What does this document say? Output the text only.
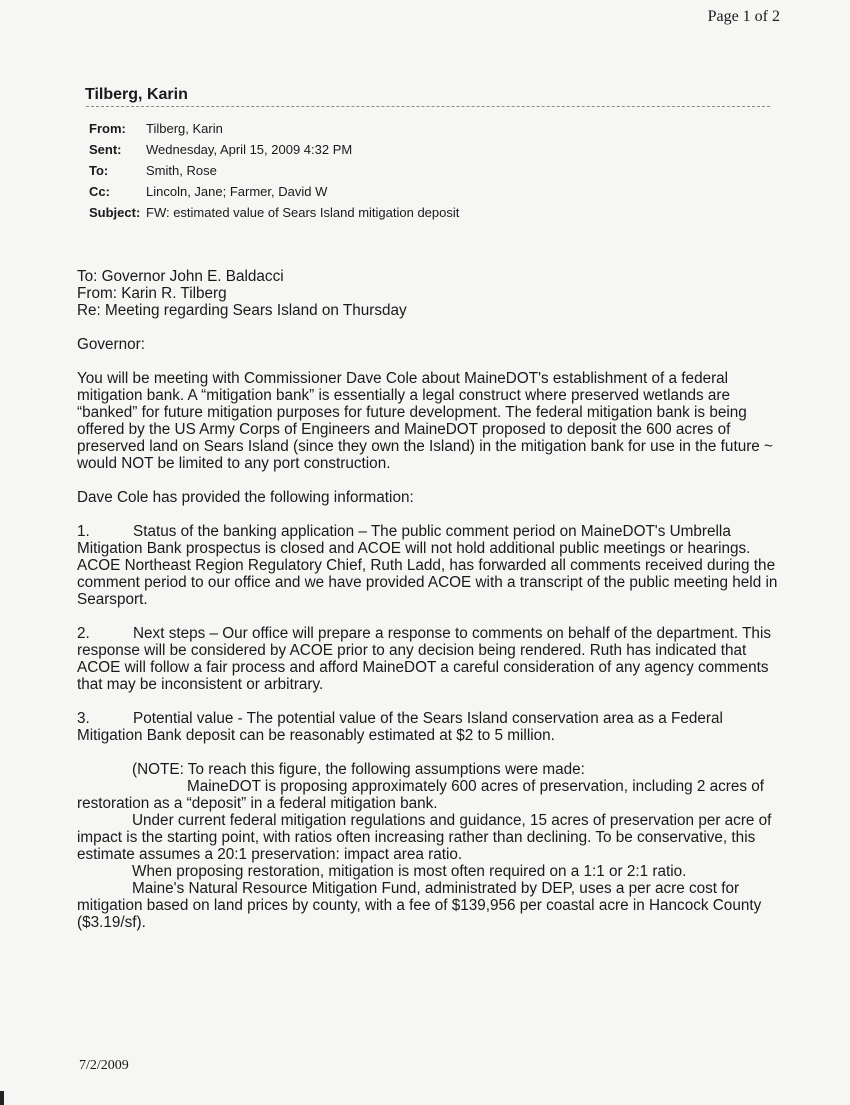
Page 1 of 2
Tilberg, Karin
From:	Tilberg, Karin
Sent:	Wednesday, April 15, 2009 4:32 PM
To:	Smith, Rose
Cc:	Lincoln, Jane; Farmer, David W
Subject:	FW: estimated value of Sears Island mitigation deposit

To: Governor John E. Baldacci

From: Karin R. Tilberg

Re: Meeting regarding Sears Island on Thursday

Governor:

You will be meeting with Commissioner Dave Cole about MaineDOT's establishment of a federal mitigation bank. A “mitigation bank” is essentially a legal construct where preserved wetlands are “banked” for future mitigation purposes for future development. The federal mitigation bank is being offered by the US Army Corps of Engineers and MaineDOT proposed to deposit the 600 acres of preserved land on Sears Island (since they own the Island) in the mitigation bank for use in the future ~ would NOT be limited to any port construction.

Dave Cole has provided the following information:

1.	Status of the banking application – The public comment period on MaineDOT's Umbrella Mitigation Bank prospectus is closed and ACOE will not hold additional public meetings or hearings. ACOE Northeast Region Regulatory Chief, Ruth Ladd, has forwarded all comments received during the comment period to our office and we have provided ACOE with a transcript of the public meeting held in Searsport.

2.	Next steps – Our office will prepare a response to comments on behalf of the department. This response will be considered by ACOE prior to any decision being rendered. Ruth has indicated that ACOE will follow a fair process and afford MaineDOT a careful consideration of any agency comments that may be inconsistent or arbitrary.

3.	Potential value - The potential value of the Sears Island conservation area as a Federal Mitigation Bank deposit can be reasonably estimated at $2 to 5 million.

(NOTE: To reach this figure, the following assumptions were made:

MaineDOT is proposing approximately 600 acres of preservation, including 2 acres of restoration as a “deposit” in a federal mitigation bank.

Under current federal mitigation regulations and guidance, 15 acres of preservation per acre of impact is the starting point, with ratios often increasing rather than declining. To be conservative, this estimate assumes a 20:1 preservation: impact area ratio.

When proposing restoration, mitigation is most often required on a 1:1 or 2:1 ratio.

Maine's Natural Resource Mitigation Fund, administrated by DEP, uses a per acre cost for mitigation based on land prices by county, with a fee of $139,956 per coastal acre in Hancock County ($3.19/sf).

7/2/2009
